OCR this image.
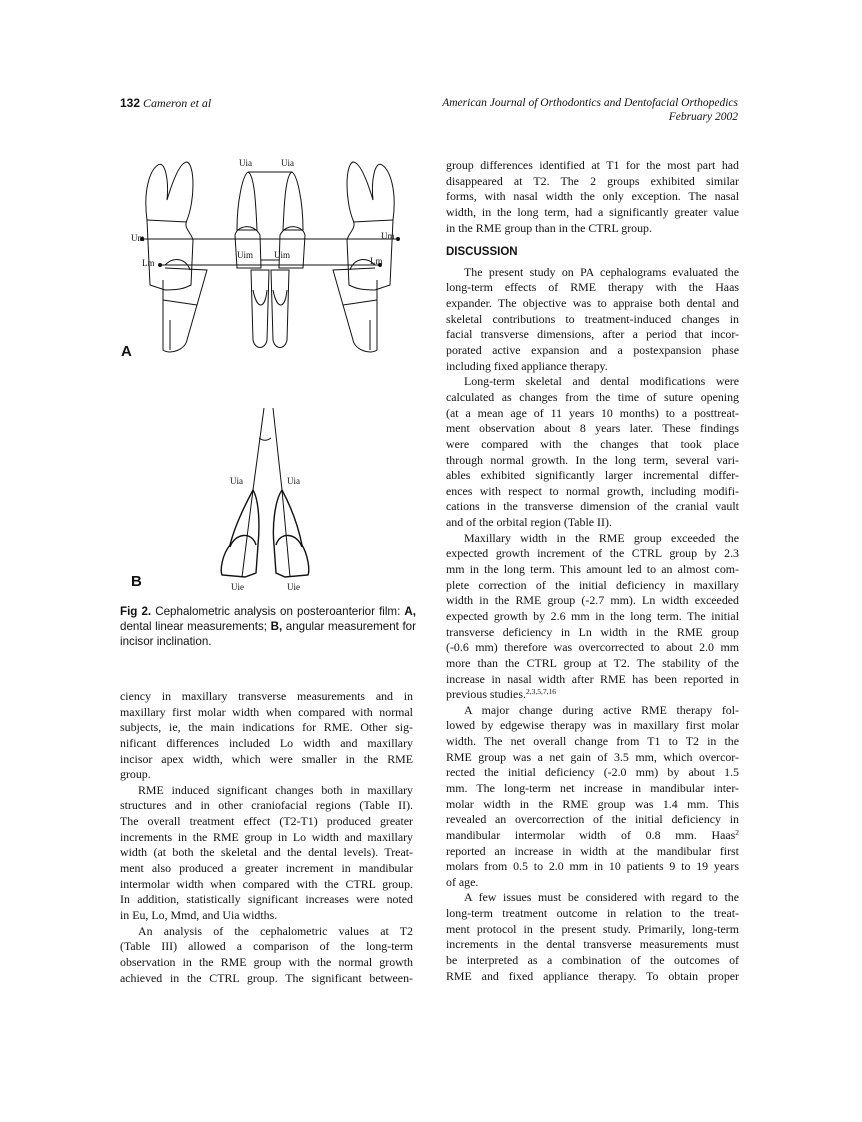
132 Cameron et al	American Journal of Orthodontics and Dentofacial Orthopedics
February 2002
Uia	Uia
Um	Um
Lm	Lm
Uim Uim
A
Uia	Uia
Uie	Uie
B
Fig 2. Cephalometric analysis on posteroanterior film: A, dental linear measurements; B, angular measurement for incisor inclination.
ciency in maxillary transverse measurements and in
maxillary first molar width when compared with normal
subjects, ie, the main indications for RME. Other sig-
nificant differences included Lo width and maxillary
incisor apex width, which were smaller in the RME
group.
RME induced significant changes both in maxillary
structures and in other craniofacial regions (Table II).
The overall treatment effect (T2-T1) produced greater
increments in the RME group in Lo width and maxillary
width (at both the skeletal and the dental levels). Treat-
ment also produced a greater increment in mandibular
intermolar width when compared with the CTRL group.
In addition, statistically significant increases were noted
in Eu, Lo, Mmd, and Uia widths.
An analysis of the cephalometric values at T2
(Table III) allowed a comparison of the long-term
observation in the RME group with the normal growth
achieved in the CTRL group. The significant between-
group differences identified at T1 for the most part had
disappeared at T2. The 2 groups exhibited similar
forms, with nasal width the only exception. The nasal
width, in the long term, had a significantly greater value
in the RME group than in the CTRL group.
DISCUSSION
The present study on PA cephalograms evaluated the
long-term effects of RME therapy with the Haas
expander. The objective was to appraise both dental and
skeletal contributions to treatment-induced changes in
facial transverse dimensions, after a period that incor-
porated active expansion and a postexpansion phase
including fixed appliance therapy.
Long-term skeletal and dental modifications were
calculated as changes from the time of suture opening
(at a mean age of 11 years 10 months) to a posttreat-
ment observation about 8 years later. These findings
were compared with the changes that took place
through normal growth. In the long term, several vari-
ables exhibited significantly larger incremental differ-
ences with respect to normal growth, including modifi-
cations in the transverse dimension of the cranial vault
and of the orbital region (Table II).
Maxillary width in the RME group exceeded the
expected growth increment of the CTRL group by 2.3
mm in the long term. This amount led to an almost com-
plete correction of the initial deficiency in maxillary
width in the RME group (-2.7 mm). Ln width exceeded
expected growth by 2.6 mm in the long term. The initial
transverse deficiency in Ln width in the RME group
(-0.6 mm) therefore was overcorrected to about 2.0 mm
more than the CTRL group at T2. The stability of the
increase in nasal width after RME has been reported in
previous studies.$^{2,3,5,7,16}$
A major change during active RME therapy fol-
lowed by edgewise therapy was in maxillary first molar
width. The net overall change from T1 to T2 in the
RME group was a net gain of 3.5 mm, which overcor-
rected the initial deficiency (-2.0 mm) by about 1.5
mm. The long-term net increase in mandibular inter-
molar width in the RME group was 1.4 mm. This
revealed an overcorrection of the initial deficiency in
mandibular intermolar width of 0.8 mm. Haas$^2$
reported an increase in width at the mandibular first
molars from 0.5 to 2.0 mm in 10 patients 9 to 19 years
of age.
A few issues must be considered with regard to the
long-term treatment outcome in relation to the treat-
ment protocol in the present study. Primarily, long-term
increments in the dental transverse measurements must
be interpreted as a combination of the outcomes of
RME and fixed appliance therapy. To obtain proper
